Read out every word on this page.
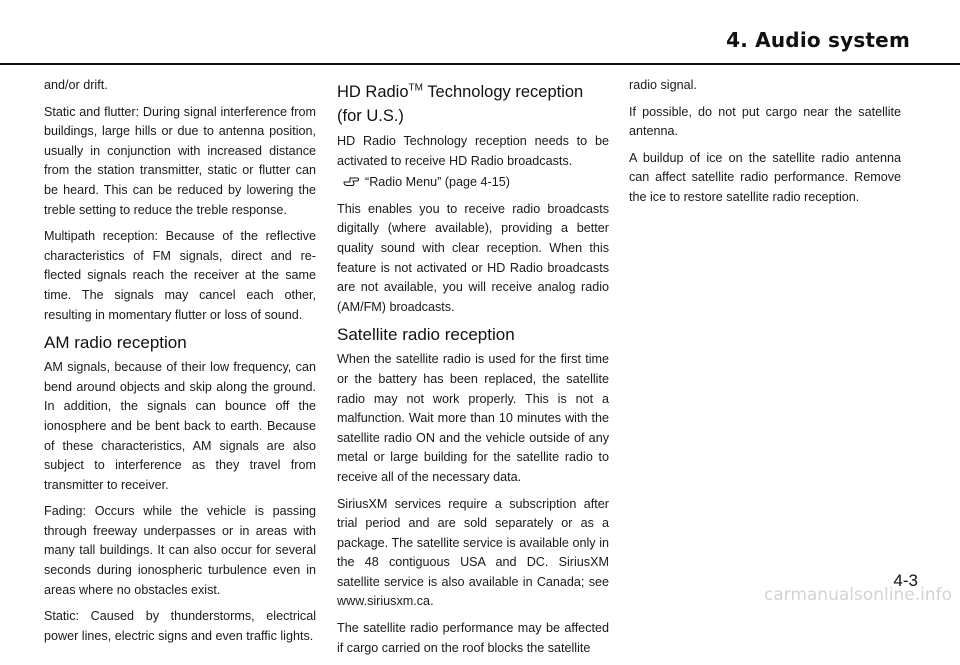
4. Audio system

and/or drift.

Static and flutter: During signal interference from buildings, large hills or due to antenna position, usually in conjunction with increased distance from the station transmitter, static or flutter can be heard. This can be reduced by lowering the treble setting to reduce the treble response.

Multipath reception: Because of the reflective characteristics of FM signals, direct and re- flected signals reach the receiver at the same time. The signals may cancel each other, resulting in momentary flutter or loss of sound.

AM radio reception

AM signals, because of their low frequency, can bend around objects and skip along the ground. In addition, the signals can bounce off the ionosphere and be bent back to earth. Because of these characteristics, AM signals are also subject to interference as they travel from transmitter to receiver.

Fading: Occurs while the vehicle is passing through freeway underpasses or in areas with many tall buildings. It can also occur for several seconds during ionospheric turbulence even in areas where no obstacles exist.

Static: Caused by thunderstorms, electrical power lines, electric signs and even traffic lights.

HD Radio™ Technology reception (for U.S.)

HD Radio Technology reception needs to be activated to receive HD Radio broadcasts.

“Radio Menu” (page 4-15)

This enables you to receive radio broadcasts digitally (where available), providing a better quality sound with clear reception. When this feature is not activated or HD Radio broadcasts are not available, you will receive analog radio (AM/FM) broadcasts.

Satellite radio reception

When the satellite radio is used for the first time or the battery has been replaced, the satellite radio may not work properly. This is not a malfunction. Wait more than 10 minutes with the satellite radio ON and the vehicle outside of any metal or large building for the satellite radio to receive all of the necessary data.

SiriusXM services require a subscription after trial period and are sold separately or as a package. The satellite service is available only in the 48 contiguous USA and DC. SiriusXM satellite service is also available in Canada; see www.siriusxm.ca.

The satellite radio performance may be affected if cargo carried on the roof blocks the satellite

radio signal.

If possible, do not put cargo near the satellite antenna.

A buildup of ice on the satellite radio antenna can affect satellite radio performance. Remove the ice to restore satellite radio reception.

4-3
carmanualsonline.info
